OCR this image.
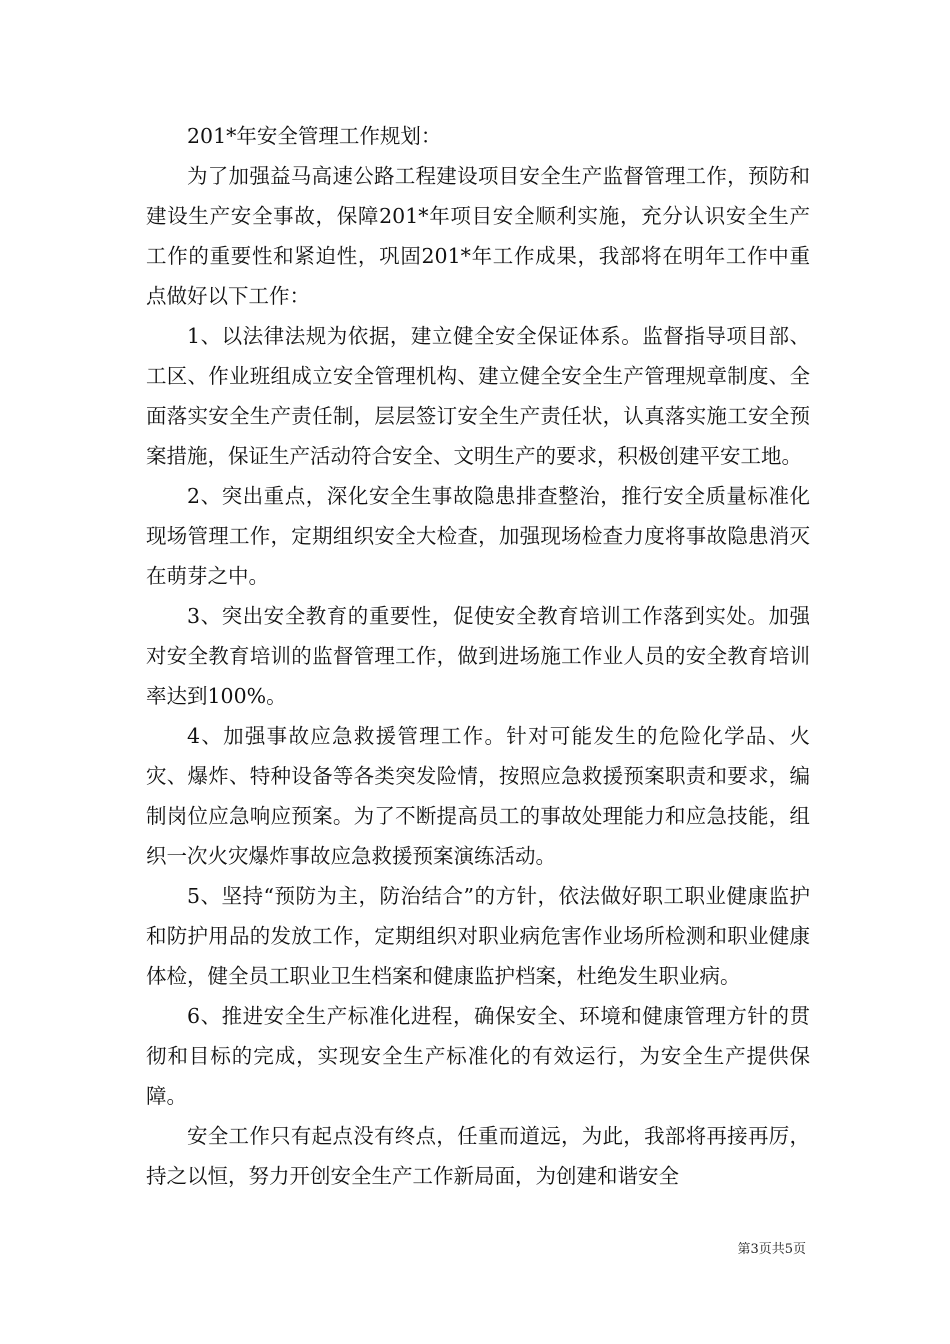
201*年安全管理工作规划：

为了加强益马高速公路工程建设项目安全生产监督管理工作，预防和建设生产安全事故，保障201*年项目安全顺利实施，充分认识安全生产工作的重要性和紧迫性，巩固201*年工作成果，我部将在明年工作中重点做好以下工作：

1、以法律法规为依据，建立健全安全保证体系。监督指导项目部、工区、作业班组成立安全管理机构、建立健全安全生产管理规章制度、全面落实安全生产责任制，层层签订安全生产责任状，认真落实施工安全预案措施，保证生产活动符合安全、文明生产的要求，积极创建平安工地。

2、突出重点，深化安全生事故隐患排查整治，推行安全质量标准化现场管理工作，定期组织安全大检查，加强现场检查力度将事故隐患消灭在萌芽之中。

3、突出安全教育的重要性，促使安全教育培训工作落到实处。加强对安全教育培训的监督管理工作，做到进场施工作业人员的安全教育培训率达到100%。

4、加强事故应急救援管理工作。针对可能发生的危险化学品、火灾、爆炸、特种设备等各类突发险情，按照应急救援预案职责和要求，编制岗位应急响应预案。为了不断提高员工的事故处理能力和应急技能，组织一次火灾爆炸事故应急救援预案演练活动。

5、坚持“预防为主，防治结合”的方针，依法做好职工职业健康监护和防护用品的发放工作，定期组织对职业病危害作业场所检测和职业健康体检，健全员工职业卫生档案和健康监护档案，杜绝发生职业病。

6、推进安全生产标准化进程，确保安全、环境和健康管理方针的贯彻和目标的完成，实现安全生产标准化的有效运行，为安全生产提供保障。

安全工作只有起点没有终点，任重而道远，为此，我部将再接再厉，持之以恒，努力开创安全生产工作新局面，为创建和谐安全

第3页共5页
